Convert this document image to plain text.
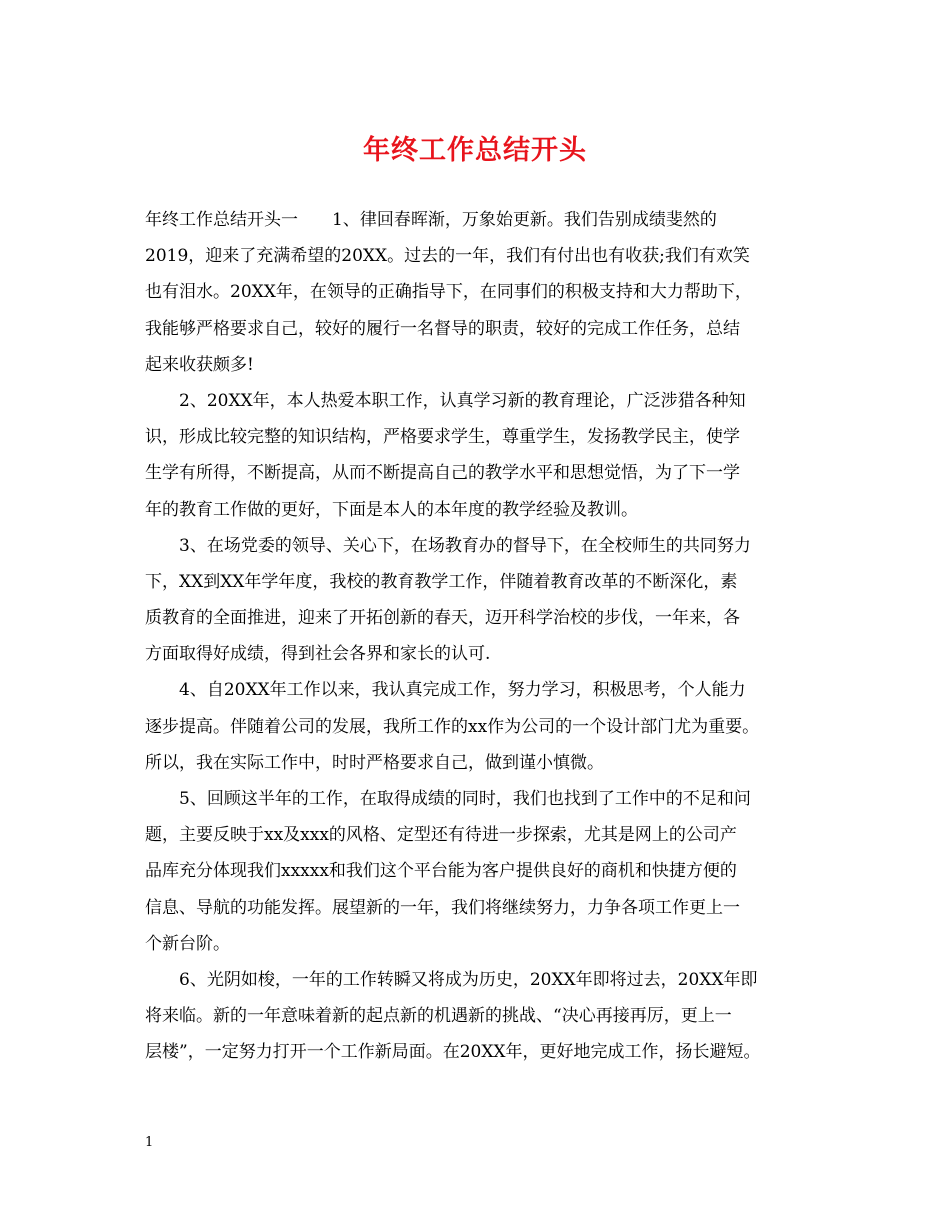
年终工作总结开头
年终工作总结开头一　　1、律回春晖渐，万象始更新。我们告别成绩斐然的
2019，迎来了充满希望的20XX。过去的一年，我们有付出也有收获;我们有欢笑
也有泪水。20XX年，在领导的正确指导下，在同事们的积极支持和大力帮助下，
我能够严格要求自己，较好的履行一名督导的职责，较好的完成工作任务，总结
起来收获颇多!
2、20XX年，本人热爱本职工作，认真学习新的教育理论，广泛涉猎各种知
识，形成比较完整的知识结构，严格要求学生，尊重学生，发扬教学民主，使学
生学有所得，不断提高，从而不断提高自己的教学水平和思想觉悟，为了下一学
年的教育工作做的更好，下面是本人的本年度的教学经验及教训。
3、在场党委的领导、关心下，在场教育办的督导下，在全校师生的共同努力
下，XX到XX年学年度，我校的教育教学工作，伴随着教育改革的不断深化，素
质教育的全面推进，迎来了开拓创新的春天，迈开科学治校的步伐，一年来，各
方面取得好成绩，得到社会各界和家长的认可.
4、自20XX年工作以来，我认真完成工作，努力学习，积极思考，个人能力
逐步提高。伴随着公司的发展，我所工作的xx作为公司的一个设计部门尤为重要。
所以，我在实际工作中，时时严格要求自己，做到谨小慎微。
5、回顾这半年的工作，在取得成绩的同时，我们也找到了工作中的不足和问
题，主要反映于xx及xxx的风格、定型还有待进一步探索，尤其是网上的公司产
品库充分体现我们xxxxx和我们这个平台能为客户提供良好的商机和快捷方便的
信息、导航的功能发挥。展望新的一年，我们将继续努力，力争各项工作更上一
个新台阶。
6、光阴如梭，一年的工作转瞬又将成为历史，20XX年即将过去，20XX年即
将来临。新的一年意味着新的起点新的机遇新的挑战、“决心再接再厉，更上一
层楼”，一定努力打开一个工作新局面。在20XX年，更好地完成工作，扬长避短。
1
